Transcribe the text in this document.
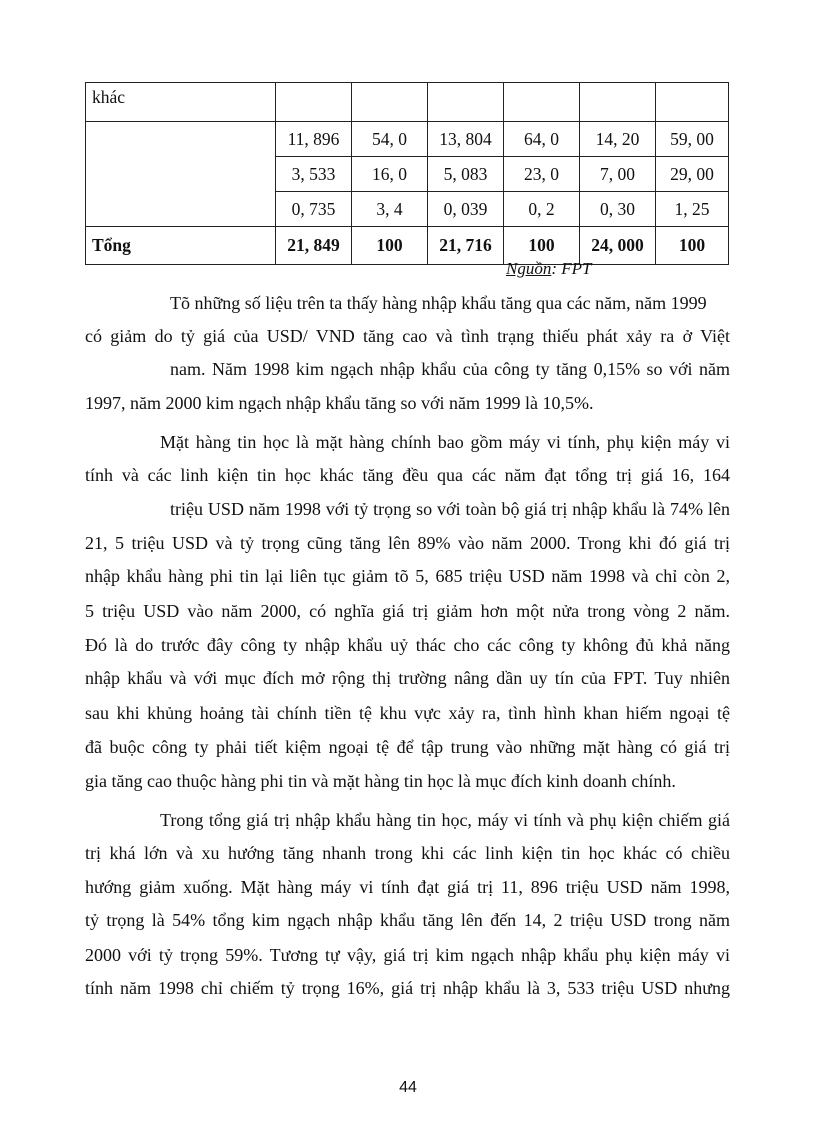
khác						
	11, 896	54, 0	13, 804	64, 0	14, 20	59, 00
	3, 533	16, 0	5, 083	23, 0	7, 00	29, 00
	0, 735	3, 4	0, 039	0, 2	0, 30	1, 25
Tổng	21, 849	100	21, 716	100	24, 000	100
Nguồn: FPT
Tõ những số liệu trên ta thấy hàng nhập khẩu tăng qua các năm, năm 1999
có giảm do tỷ giá của USD/ VND tăng cao và tình trạng thiếu phát xảy ra ở Việt
nam. Năm 1998 kim ngạch nhập khẩu của công ty tăng 0,15% so với năm
1997, năm 2000 kim ngạch nhập khẩu tăng so với năm 1999 là 10,5%.
Mặt hàng tin học là mặt hàng chính bao gồm máy vi tính, phụ kiện máy vi
tính và các linh kiện tin học khác tăng đều qua các năm đạt tổng trị giá 16, 164
triệu USD năm 1998 với tỷ trọng so với toàn bộ giá trị nhập khẩu là 74% lên
21, 5 triệu USD và tỷ trọng cũng tăng lên 89% vào năm 2000. Trong khi đó giá trị
nhập khẩu hàng phi tin lại liên tục giảm tõ 5, 685 triệu USD năm 1998 và chỉ còn 2,
5 triệu USD vào năm 2000, có nghĩa giá trị giảm hơn một nửa trong vòng 2 năm.
Đó là do trước đây công ty nhập khẩu uỷ thác cho các công ty không đủ khả năng
nhập khẩu và với mục đích mở rộng thị trường nâng dần uy tín của FPT. Tuy nhiên
sau khi khủng hoảng tài chính tiền tệ khu vực xảy ra, tình hình khan hiếm ngoại tệ
đã buộc công ty phải tiết kiệm ngoại tệ để tập trung vào những mặt hàng có giá trị
gia tăng cao thuộc hàng phi tin và mặt hàng tin học là mục đích kinh doanh chính.
Trong tổng giá trị nhập khẩu hàng tin học, máy vi tính và phụ kiện chiếm giá
trị khá lớn và xu hướng tăng nhanh trong khi các linh kiện tin học khác có chiều
hướng giảm xuống. Mặt hàng máy vi tính đạt giá trị 11, 896 triệu USD năm 1998,
tỷ trọng là 54% tổng kim ngạch nhập khẩu tăng lên đến 14, 2 triệu USD trong năm
2000 với tỷ trọng 59%. Tương tự vậy, giá trị kim ngạch nhập khẩu phụ kiện máy vi
tính năm 1998 chỉ chiếm tỷ trọng 16%, giá trị nhập khẩu là 3, 533 triệu USD nhưng
44
